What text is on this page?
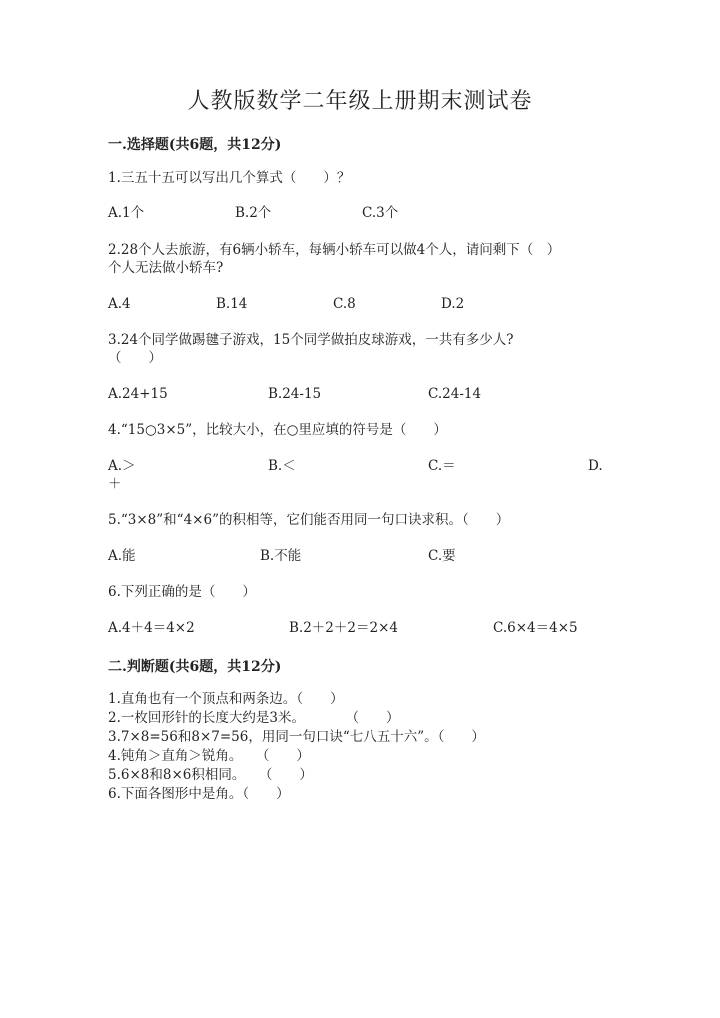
人教版数学二年级上册期末测试卷
一.选择题(共6题，共12分)
1.三五十五可以写出几个算式（　　）？
A.1个	B.2个	C.3个
2.28个人去旅游，有6辆小轿车，每辆小轿车可以做4个人，请问剩下（　）
个人无法做小轿车?
A.4	B.14	C.8	D.2
3.24个同学做踢毽子游戏，15个同学做拍皮球游戏，一共有多少人?
（　　）
A.24+15	B.24-15	C.24-14
4.“15○3×5”，比较大小，在○里应填的符号是（　　）
A.＞	B.＜	C.＝	D.
＋
5.“3×8”和“4×6”的积相等，它们能否用同一句口诀求积。（　　）
A.能	B.不能	C.要
6.下列正确的是（　　）
A.4＋4＝4×2	B.2＋2＋2＝2×4	C.6×4＝4×5
二.判断题(共6题，共12分)
1.直角也有一个顶点和两条边。（　　）
2.一枚回形针的长度大约是3米。　　　　（　　）
3.7×8=56和8×7=56，用同一句口诀“七八五十六”。（　　）
4.钝角＞直角＞锐角。　　（　　）
5.6×8和8×6积相同。　　（　　）
6.下面各图形中是角。（　　）
